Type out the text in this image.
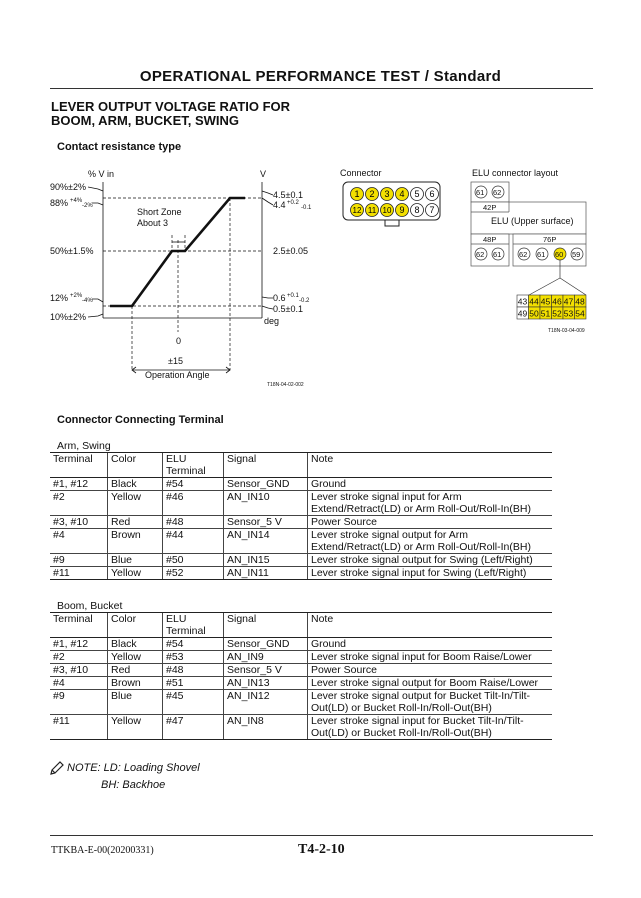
OPERATIONAL PERFORMANCE TEST / Standard
LEVER OUTPUT VOLTAGE RATIO FOR
BOOM, ARM, BUCKET, SWING
Contact resistance type
% V in	V
90%±2%
88% +4%
-2%
50%±1.5%
12% +2%
-4%
10%±2%
4.5±0.1
4.4 +0.2
-0.1
2.5±0.05
0.6 +0.1
-0.2
0.5±0.1
deg
Short Zone
About 3
0
±15
Operation Angle
T18N-04-02-002
Connector
1 2 3 4 5 6
12 11 10 9 8 7
ELU connector layout
61 62
42P
ELU (Upper surface)
48P	76P
62 61 62 61 60 59
43 44 45 46 47 48
49 50 51 52 53 54
T18N-03-04-009
Connector Connecting Terminal
Arm, Swing
Terminal	Color	ELU Terminal	Signal	Note
#1, #12	Black	#54	Sensor_GND	Ground
#2	Yellow	#46	AN_IN10	Lever stroke signal input for Arm Extend/Retract(LD) or Arm Roll-Out/Roll-In(BH)
#3, #10	Red	#48	Sensor_5 V	Power Source
#4	Brown	#44	AN_IN14	Lever stroke signal output for Arm Extend/Retract(LD) or Arm Roll-Out/Roll-In(BH)
#9	Blue	#50	AN_IN15	Lever stroke signal output for Swing (Left/Right)
#11	Yellow	#52	AN_IN11	Lever stroke signal input for Swing (Left/Right)
Boom, Bucket
Terminal	Color	ELU Terminal	Signal	Note
#1, #12	Black	#54	Sensor_GND	Ground
#2	Yellow	#53	AN_IN9	Lever stroke signal input for Boom Raise/Lower
#3, #10	Red	#48	Sensor_5 V	Power Source
#4	Brown	#51	AN_IN13	Lever stroke signal output for Boom Raise/Lower
#9	Blue	#45	AN_IN12	Lever stroke signal output for Bucket Tilt-In/Tilt-Out(LD) or Bucket Roll-In/Roll-Out(BH)
#11	Yellow	#47	AN_IN8	Lever stroke signal input for Bucket Tilt-In/Tilt-Out(LD) or Bucket Roll-In/Roll-Out(BH)
NOTE: LD: Loading Shovel
BH: Backhoe
TTKBA-E-00(20200331)	T4-2-10
